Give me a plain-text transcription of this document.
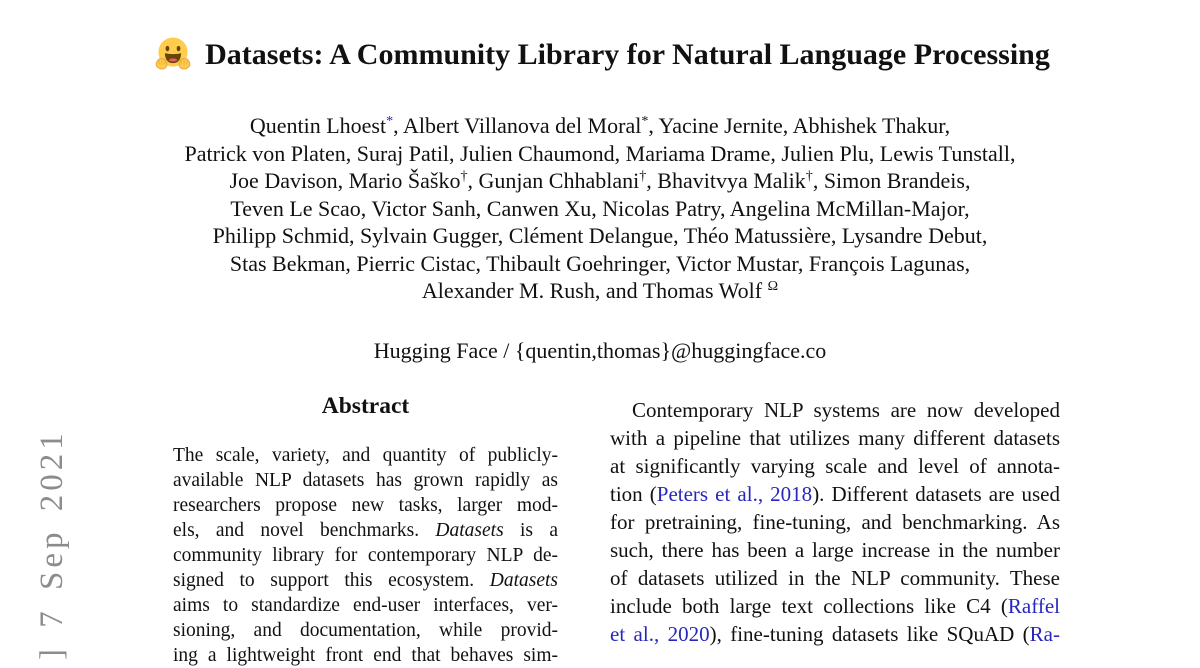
] 7 Sep 2021
Datasets: A Community Library for Natural Language Processing
Quentin Lhoest*, Albert Villanova del Moral*, Yacine Jernite, Abhishek Thakur,
Patrick von Platen, Suraj Patil, Julien Chaumond, Mariama Drame, Julien Plu, Lewis Tunstall,
Joe Davison, Mario Šaško†, Gunjan Chhablani†, Bhavitvya Malik†, Simon Brandeis,
Teven Le Scao, Victor Sanh, Canwen Xu, Nicolas Patry, Angelina McMillan-Major,
Philipp Schmid, Sylvain Gugger, Clément Delangue, Théo Matussière, Lysandre Debut,
Stas Bekman, Pierric Cistac, Thibault Goehringer, Victor Mustar, François Lagunas,
Alexander M. Rush, and Thomas Wolf $^\Omega$
Hugging Face / {quentin,thomas}@huggingface.co
Abstract
The scale, variety, and quantity of publicly-
available NLP datasets has grown rapidly as
researchers propose new tasks, larger mod-
els, and novel benchmarks. Datasets is a
community library for contemporary NLP de-
signed to support this ecosystem. Datasets
aims to standardize end-user interfaces, ver-
sioning, and documentation, while provid-
ing a lightweight front end that behaves sim-
Contemporary NLP systems are now developed
with a pipeline that utilizes many different datasets
at significantly varying scale and level of annota-
tion (Peters et al., 2018). Different datasets are used
for pretraining, fine-tuning, and benchmarking. As
such, there has been a large increase in the number
of datasets utilized in the NLP community. These
include both large text collections like C4 (Raffel
et al., 2020), fine-tuning datasets like SQuAD (Ra-
